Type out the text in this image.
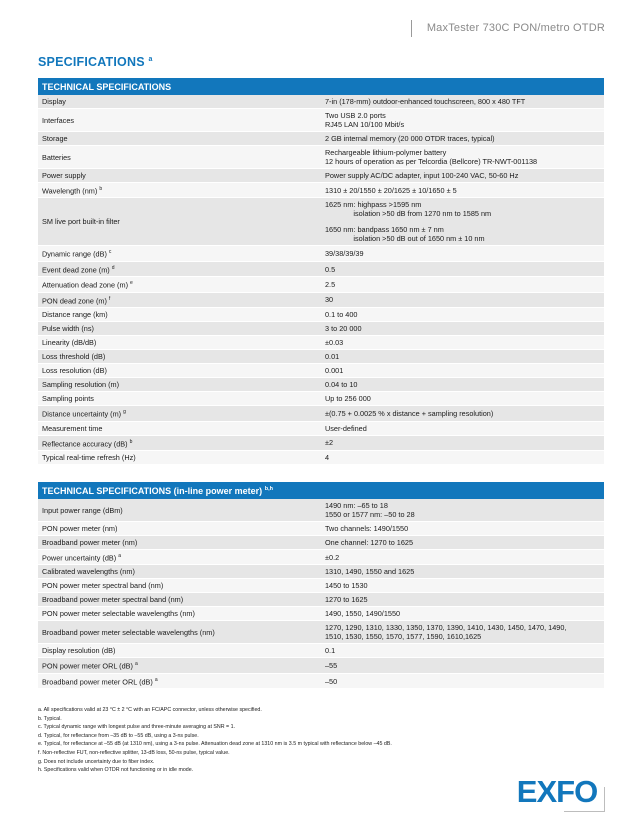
MaxTester 730C PON/metro OTDR
SPECIFICATIONS $^a$
TECHNICAL SPECIFICATIONS	
Display	7-in (178-mm) outdoor-enhanced touchscreen, 800 x 480 TFT

Interfaces	Two USB 2.0 ports
RJ45 LAN 10/100 Mbit/s

Storage	2 GB internal memory (20 000 OTDR traces, typical)

Batteries	Rechargeable lithium-polymer battery
12 hours of operation as per Telcordia (Bellcore) TR-NWT-001138

Power supply	Power supply AC/DC adapter, input 100-240 VAC, 50-60 Hz

Wavelength (nm) $^b$	1310 ± 20/1550 ± 20/1625 ± 10/1650 ± 5

SM live port built-in filter	1625 nm: highpass >1595 nm
isolation >50 dB from 1270 nm to 1585 nm
1650 nm: bandpass 1650 nm ± 7 nm
isolation >50 dB out of 1650 nm ± 10 nm

Dynamic range (dB) $^c$	39/38/39/39

Event dead zone (m) $^d$	0.5

Attenuation dead zone (m) $^e$	2.5

PON dead zone (m) $^f$	30

Distance range (km)	0.1 to 400

Pulse width (ns)	3 to 20 000

Linearity (dB/dB)	±0.03

Loss threshold (dB)	0.01

Loss resolution (dB)	0.001

Sampling resolution (m)	0.04 to 10

Sampling points	Up to 256 000

Distance uncertainty (m) $^g$	±(0.75 + 0.0025 % x distance + sampling resolution)

Measurement time	User-defined

Reflectance accuracy (dB) $^b$	±2

Typical real-time refresh (Hz)	4
TECHNICAL SPECIFICATIONS (in-line power meter) $^{b,h}$
Input power range (dBm)	1490 nm: –65 to 18
1550 or 1577 nm: –50 to 28

PON power meter (nm)	Two channels: 1490/1550

Broadband power meter (nm)	One channel: 1270 to 1625

Power uncertainty (dB) $^a$	±0.2

Calibrated wavelengths (nm)	1310, 1490, 1550 and 1625

PON power meter spectral band (nm)	1450 to 1530

Broadband power meter spectral band (nm)	1270 to 1625

PON power meter selectable wavelengths (nm)	1490, 1550, 1490/1550

Broadband power meter selectable wavelengths (nm)	1270, 1290, 1310, 1330, 1350, 1370, 1390, 1410, 1430, 1450, 1470, 1490,
1510, 1530, 1550, 1570, 1577, 1590, 1610,1625

Display resolution (dB)	0.1

PON power meter ORL (dB) $^a$	–55

Broadband power meter ORL (dB) $^a$	–50
a. All specifications valid at 23 °C ± 2 °C with an FC/APC connector, unless otherwise specified.
b. Typical.
c. Typical dynamic range with longest pulse and three-minute averaging at SNR = 1.
d. Typical, for reflectance from –35 dB to –55 dB, using a 3-ns pulse.
e. Typical, for reflectance at –55 dB (at 1310 nm), using a 3-ns pulse. Attenuation dead zone at 1310 nm is 3.5 m typical with reflectance below –45 dB.
f. Non-reflective FUT, non-reflective splitter, 13-dB loss, 50-ns pulse, typical value.
g. Does not include uncertainty due to fiber index.
h. Specifications valid when OTDR not functioning or in idle mode.
EXFO
